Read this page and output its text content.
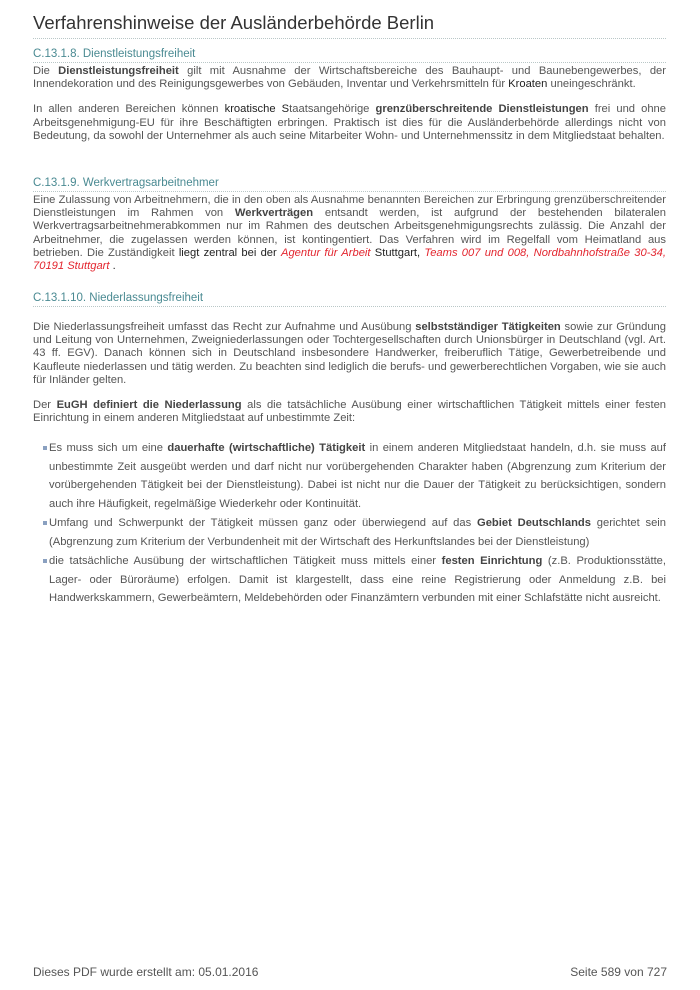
Verfahrenshinweise der Ausländerbehörde Berlin
C.13.1.8. Dienstleistungsfreiheit

Die Dienstleistungsfreiheit gilt mit Ausnahme der Wirtschaftsbereiche des Bauhaupt- und Baunebengewerbes, der Innendekoration und des Reinigungsgewerbes von Gebäuden, Inventar und Verkehrsmitteln für Kroaten uneingeschränkt.

In allen anderen Bereichen können kroatische Staatsangehörige grenzüberschreitende Dienstleistungen frei und ohne Arbeitsgenehmigung-EU für ihre Beschäftigten erbringen. Praktisch ist dies für die Ausländerbehörde allerdings nicht von Bedeutung, da sowohl der Unternehmer als auch seine Mitarbeiter Wohn- und Unternehmenssitz in dem Mitgliedstaat behalten.

C.13.1.9. Werkvertragsarbeitnehmer

Eine Zulassung von Arbeitnehmern, die in den oben als Ausnahme benannten Bereichen zur Erbringung grenzüberschreitender Dienstleistungen im Rahmen von Werkverträgen entsandt werden, ist aufgrund der bestehenden bilateralen Werkvertragsarbeitnehmerabkommen nur im Rahmen des deutschen Arbeitsgenehmigungsrechts zulässig. Die Anzahl der Arbeitnehmer, die zugelassen werden können, ist kontingentiert. Das Verfahren wird im Regelfall vom Heimatland aus betrieben. Die Zuständigkeit liegt zentral bei der Agentur für Arbeit Stuttgart, Teams 007 und 008, Nordbahnhofstraße 30-34, 70191 Stuttgart .

C.13.1.10. Niederlassungsfreiheit

Die Niederlassungsfreiheit umfasst das Recht zur Aufnahme und Ausübung selbstständiger Tätigkeiten sowie zur Gründung und Leitung von Unternehmen, Zweigniederlassungen oder Tochtergesellschaften durch Unionsbürger in Deutschland (vgl. Art. 43 ff. EGV). Danach können sich in Deutschland insbesondere Handwerker, freiberuflich Tätige, Gewerbetreibende und Kaufleute niederlassen und tätig werden. Zu beachten sind lediglich die berufs- und gewerberechtlichen Vorgaben, wie sie auch für Inländer gelten.

Der EuGH definiert die Niederlassung als die tatsächliche Ausübung einer wirtschaftlichen Tätigkeit mittels einer festen Einrichtung in einem anderen Mitgliedstaat auf unbestimmte Zeit:

Es muss sich um eine dauerhafte (wirtschaftliche) Tätigkeit in einem anderen Mitgliedstaat handeln, d.h. sie muss auf unbestimmte Zeit ausgeübt werden und darf nicht nur vorübergehenden Charakter haben (Abgrenzung zum Kriterium der vorübergehenden Tätigkeit bei der Dienstleistung). Dabei ist nicht nur die Dauer der Tätigkeit zu berücksichtigen, sondern auch ihre Häufigkeit, regelmäßige Wiederkehr oder Kontinuität.
Umfang und Schwerpunkt der Tätigkeit müssen ganz oder überwiegend auf das Gebiet Deutschlands gerichtet sein (Abgrenzung zum Kriterium der Verbundenheit mit der Wirtschaft des Herkunftslandes bei der Dienstleistung)
die tatsächliche Ausübung der wirtschaftlichen Tätigkeit muss mittels einer festen Einrichtung (z.B. Produktionsstätte, Lager- oder Büroräume) erfolgen. Damit ist klargestellt, dass eine reine Registrierung oder Anmeldung z.B. bei Handwerkskammern, Gewerbeämtern, Meldebehörden oder Finanzämtern verbunden mit einer Schlafstätte nicht ausreicht.
Dieses PDF wurde erstellt am: 05.01.2016	Seite 589 von 727
